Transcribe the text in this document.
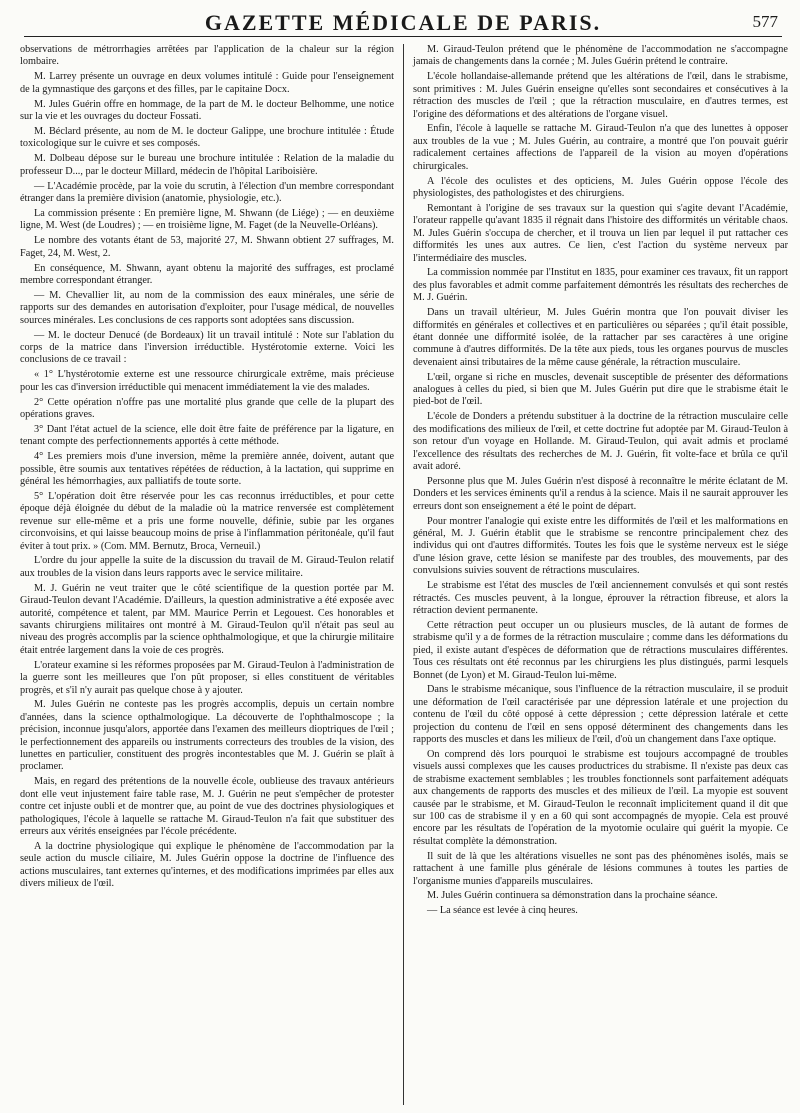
GAZETTE MÉDICALE DE PARIS.	577

observations de métrorrhagies arrêtées par l'application de la chaleur sur la région lombaire.

M. Larrey présente un ouvrage en deux volumes intitulé : Guide pour l'enseignement de la gymnastique des garçons et des filles, par le capitaine Docx.

M. Jules Guérin offre en hommage, de la part de M. le docteur Belhomme, une notice sur la vie et les ouvrages du docteur Fossati.

M. Béclard présente, au nom de M. le docteur Galippe, une brochure intitulée : Étude toxicologique sur le cuivre et ses composés.

M. Dolbeau dépose sur le bureau une brochure intitulée : Relation de la maladie du professeur D..., par le docteur Millard, médecin de l'hôpital Lariboisière.

— L'Académie procède, par la voie du scrutin, à l'élection d'un membre correspondant étranger dans la première division (anatomie, physiologie, etc.).

La commission présente : En première ligne, M. Shwann (de Liége) ; — en deuxième ligne, M. West (de Loudres) ; — en troisième ligne, M. Faget (de la Neuvelle-Orléans).

Le nombre des votants étant de 53, majorité 27, M. Shwann obtient 27 suffrages, M. Faget, 24, M. West, 2.

En conséquence, M. Shwann, ayant obtenu la majorité des suffrages, est proclamé membre correspondant étranger.

— M. Chevallier lit, au nom de la commission des eaux minérales, une série de rapports sur des demandes en autorisation d'exploiter, pour l'usage médical, de nouvelles sources minérales. Les conclusions de ces rapports sont adoptées sans discussion.

— M. le docteur Denucé (de Bordeaux) lit un travail intitulé : Note sur l'ablation du corps de la matrice dans l'inversion irréductible. Hystérotomie externe. Voici les conclusions de ce travail :

« 1° L'hystérotomie externe est une ressource chirurgicale extrême, mais précieuse pour les cas d'inversion irréductible qui menacent immédiatement la vie des malades.

2° Cette opération n'offre pas une mortalité plus grande que celle de la plupart des opérations graves.

3° Dant l'état actuel de la science, elle doit être faite de préférence par la ligature, en tenant compte des perfectionnements apportés à cette méthode.

4° Les premiers mois d'une inversion, même la première année, doivent, autant que possible, être soumis aux tentatives répétées de réduction, à la lactation, qui supprime en général les hémorrhagies, aux palliatifs de toute sorte.

5° L'opération doit être réservée pour les cas reconnus irréductibles, et pour cette époque déjà éloignée du début de la maladie où la matrice renversée est complètement revenue sur elle-même et a pris une forme nouvelle, définie, subie par les organes circonvoisins, et qui laisse beaucoup moins de prise à l'inflammation péritonéale, qu'il faut éviter à tout prix. » (Com. MM. Bernutz, Broca, Verneuil.)

L'ordre du jour appelle la suite de la discussion du travail de M. Giraud-Teulon relatif aux troubles de la vision dans leurs rapports avec le service militaire.

M. J. Guérin ne veut traiter que le côté scientifique de la question portée par M. Giraud-Teulon devant l'Académie. D'ailleurs, la question administrative a été exposée avec autorité, compétence et talent, par MM. Maurice Perrin et Legouest. Ces honorables et savants chirurgiens militaires ont montré à M. Giraud-Teulon qu'il n'était pas seul au niveau des progrès accomplis par la science ophthalmologique, et que la chirurgie militaire était entrée largement dans la voie de ces progrès.

L'orateur examine si les réformes proposées par M. Giraud-Teulon à l'administration de la guerre sont les meilleures que l'on pût proposer, si elles constituent de véritables progrès, et s'il n'y aurait pas quelque chose à y ajouter.

M. Jules Guérin ne conteste pas les progrès accomplis, depuis un certain nombre d'années, dans la science opthalmologique. La découverte de l'ophthalmoscope ; la précision, inconnue jusqu'alors, apportée dans l'examen des meilleurs dioptriques de l'œil ; le perfectionnement des appareils ou instruments correcteurs des troubles de la vision, des lunettes en particulier, constituent des progrès incontestables que M. J. Guérin se plaît à proclamer.

Mais, en regard des prétentions de la nouvelle école, oublieuse des travaux antérieurs dont elle veut injustement faire table rase, M. J. Guérin ne peut s'empêcher de protester contre cet injuste oubli et de montrer que, au point de vue des doctrines physiologiques et pathologiques, l'école à laquelle se rattache M. Giraud-Teulon n'a fait que substituer des erreurs aux vérités enseignées par l'école précédente.

A la doctrine physiologique qui explique le phénomène de l'accommodation par la seule action du muscle ciliaire, M. Jules Guérin oppose la doctrine de l'influence des actions musculaires, tant externes qu'internes, et des modifications imprimées par elles aux divers milieux de l'œil.

M. Giraud-Teulon prétend que le phénomène de l'accommodation ne s'accompagne jamais de changements dans la cornée ; M. Jules Guérin prétend le contraire.

L'école hollandaise-allemande prétend que les altérations de l'œil, dans le strabisme, sont primitives : M. Jules Guérin enseigne qu'elles sont secondaires et consécutives à la rétraction des muscles de l'œil ; que la rétraction musculaire, en d'autres termes, est l'origine des déformations et des altérations de l'organe visuel.

Enfin, l'école à laquelle se rattache M. Giraud-Teulon n'a que des lunettes à opposer aux troubles de la vue ; M. Jules Guérin, au contraire, a montré que l'on pouvait guérir radicalement certaines affections de l'appareil de la vision au moyen d'opérations chirurgicales.

A l'école des oculistes et des opticiens, M. Jules Guérin oppose l'école des physiologistes, des pathologistes et des chirurgiens.

Remontant à l'origine de ses travaux sur la question qui s'agite devant l'Académie, l'orateur rappelle qu'avant 1835 il régnait dans l'histoire des difformités un véritable chaos. M. Jules Guérin s'occupa de chercher, et il trouva un lien par lequel il put rattacher ces difformités les unes aux autres. Ce lien, c'est l'action du système nerveux par l'intermédiaire des muscles.

La commission nommée par l'Institut en 1835, pour examiner ces travaux, fit un rapport des plus favorables et admit comme parfaitement démontrés les résultats des recherches de M. J. Guérin.

Dans un travail ultérieur, M. Jules Guérin montra que l'on pouvait diviser les difformités en générales et collectives et en particulières ou séparées ; qu'il était possible, étant donnée une difformité isolée, de la rattacher par ses caractères à une origine commune à d'autres difformités. De la tête aux pieds, tous les organes pourvus de muscles devenaient ainsi tributaires de la même cause générale, la rétraction musculaire.

L'œil, organe si riche en muscles, devenait susceptible de présenter des déformations analogues à celles du pied, si bien que M. Jules Guérin put dire que le strabisme était le pied-bot de l'œil.

L'école de Donders a prétendu substituer à la doctrine de la rétraction musculaire celle des modifications des milieux de l'œil, et cette doctrine fut adoptée par M. Giraud-Teulon à son retour d'un voyage en Hollande. M. Giraud-Teulon, qui avait admis et proclamé l'excellence des résultats des recherches de M. J. Guérin, fit volte-face et brûla ce qu'il avait adoré.

Personne plus que M. Jules Guérin n'est disposé à reconnaître le mérite éclatant de M. Donders et les services éminents qu'il a rendus à la science. Mais il ne saurait approuver les erreurs dont son enseignement a été le point de départ.

Pour montrer l'analogie qui existe entre les difformités de l'œil et les malformations en général, M. J. Guérin établit que le strabisme se rencontre principalement chez des individus qui ont d'autres difformités. Toutes les fois que le système nerveux est le siége d'une lésion grave, cette lésion se manifeste par des troubles, des mouvements, par des convulsions suivies souvent de rétractions musculaires.

Le strabisme est l'état des muscles de l'œil anciennement convulsés et qui sont restés rétractés. Ces muscles peuvent, à la longue, éprouver la rétraction fibreuse, et alors la rétraction devient permanente.

Cette rétraction peut occuper un ou plusieurs muscles, de là autant de formes de strabisme qu'il y a de formes de la rétraction musculaire ; comme dans les déformations du pied, il existe autant d'espèces de déformation que de rétractions musculaires différentes. Tous ces résultats ont été reconnus par les chirurgiens les plus distingués, parmi lesquels Bonnet (de Lyon) et M. Giraud-Teulon lui-même.

Dans le strabisme mécanique, sous l'influence de la rétraction musculaire, il se produit une déformation de l'œil caractérisée par une dépression latérale et une projection du contenu de l'œil du côté opposé à cette dépression ; cette dépression latérale et cette projection du contenu de l'œil en sens opposé déterminent des changements dans les rapports des muscles et dans les milieux de l'œil, d'où un changement dans l'axe optique.

On comprend dès lors pourquoi le strabisme est toujours accompagné de troubles visuels aussi complexes que les causes productrices du strabisme. Il n'existe pas deux cas de strabisme exactement semblables ; les troubles fonctionnels sont parfaitement adéquats aux changements de rapports des muscles et des milieux de l'œil. La myopie est souvent causée par le strabisme, et M. Giraud-Teulon le reconnaît implicitement quand il dit que sur 100 cas de strabisme il y en a 60 qui sont accompagnés de myopie. Cela est prouvé encore par les résultats de l'opération de la myotomie oculaire qui guérit la myopie. Ce résultat complète la démonstration.

Il suit de là que les altérations visuelles ne sont pas des phénomènes isolés, mais se rattachent à une famille plus générale de lésions communes à toutes les parties de l'organisme munies d'appareils musculaires.

M. Jules Guérin continuera sa démonstration dans la prochaine séance.

— La séance est levée à cinq heures.
